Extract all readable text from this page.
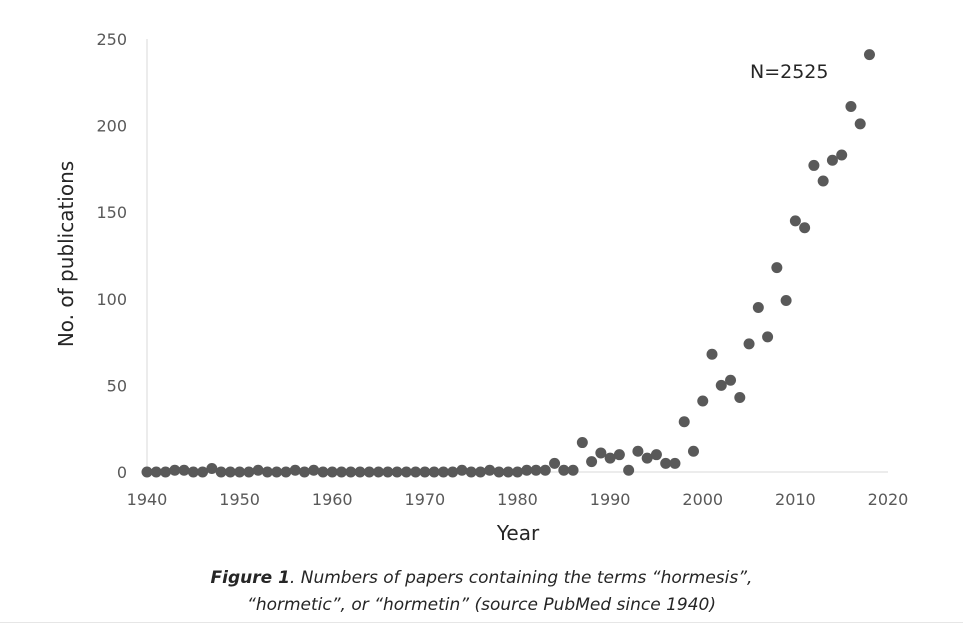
0
50
100
150
200
250
1940	1950	1960	1970	1980	1990	2000	2010	2020
N=2525
Year
No. of publications
Figure 1. Numbers of papers containing the terms “hormesis”,
“hormetic”, or “hormetin” (source PubMed since 1940)
